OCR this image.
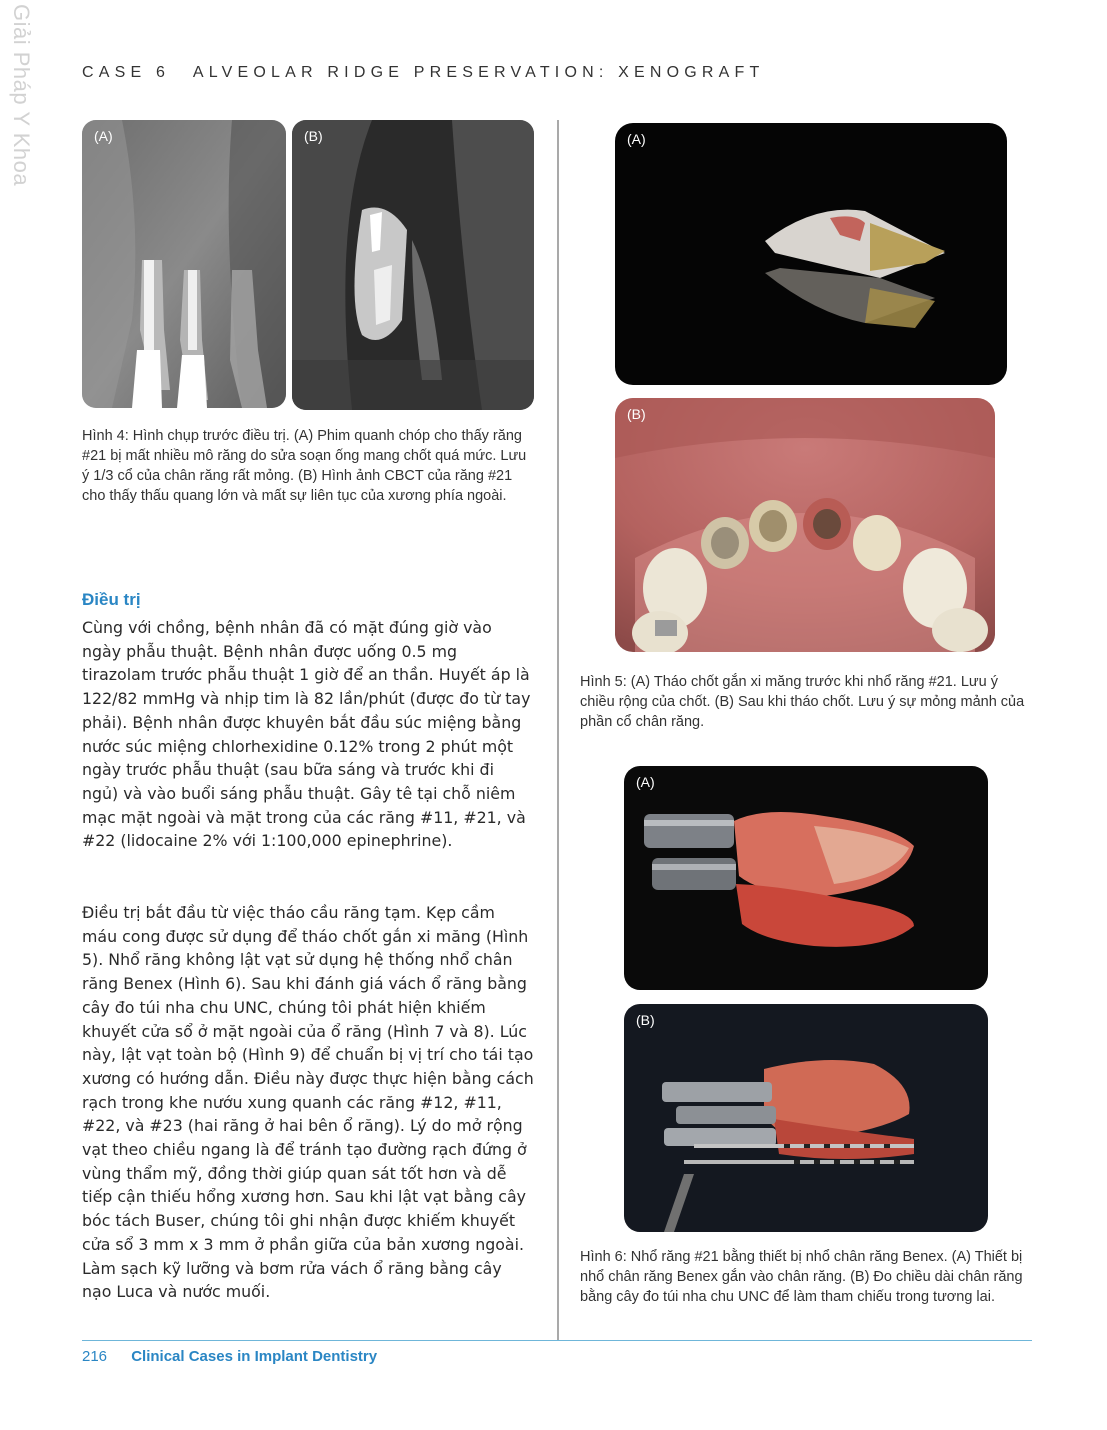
Giải Pháp Y Khoa	CASE 6 ALVEOLAR RIDGE PRESERVATION: XENOGRAFT
(A)	(B)
Hình 4: Hình chụp trước điều trị. (A) Phim quanh chóp cho thấy răng #21 bị mất nhiều mô răng do sửa soạn ống mang chốt quá mức. Lưu ý 1/3 cổ của chân răng rất mỏng. (B) Hình ảnh CBCT của răng #21 cho thấy thấu quang lớn và mất sự liên tục của xương phía ngoài.
Điều trị
Cùng với chồng, bệnh nhân đã có mặt đúng giờ vào ngày phẫu thuật. Bệnh nhân được uống 0.5 mg tirazolam trước phẫu thuật 1 giờ để an thần. Huyết áp là 122/82 mmHg và nhịp tim là 82 lần/phút (được đo từ tay phải). Bệnh nhân được khuyên bắt đầu súc miệng bằng nước súc miệng chlorhexidine 0.12% trong 2 phút một ngày trước phẫu thuật (sau bữa sáng và trước khi đi ngủ) và vào buổi sáng phẫu thuật. Gây tê tại chỗ niêm mạc mặt ngoài và mặt trong của các răng #11, #21, và #22 (lidocaine 2% với 1:100,000 epinephrine).
Điều trị bắt đầu từ việc tháo cầu răng tạm. Kẹp cầm máu cong được sử dụng để tháo chốt gắn xi măng (Hình 5). Nhổ răng không lật vạt sử dụng hệ thống nhổ chân răng Benex (Hình 6). Sau khi đánh giá vách ổ răng bằng cây đo túi nha chu UNC, chúng tôi phát hiện khiếm khuyết cửa sổ ở mặt ngoài của ổ răng (Hình 7 và 8). Lúc này, lật vạt toàn bộ (Hình 9) để chuẩn bị vị trí cho tái tạo xương có hướng dẫn. Điều này được thực hiện bằng cách rạch trong khe nướu xung quanh các răng #12, #11, #22, và #23 (hai răng ở hai bên ổ răng). Lý do mở rộng vạt theo chiều ngang là để tránh tạo đường rạch đứng ở vùng thẩm mỹ, đồng thời giúp quan sát tốt hơn và dễ tiếp cận thiếu hổng xương hơn. Sau khi lật vạt bằng cây bóc tách Buser, chúng tôi ghi nhận được khiếm khuyết cửa sổ 3 mm x 3 mm ở phần giữa của bản xương ngoài. Làm sạch kỹ lưỡng và bơm rửa vách ổ răng bằng cây nạo Luca và nước muối.
(A)
(B)
Hình 5: (A) Tháo chốt gắn xi măng trước khi nhổ răng #21. Lưu ý chiều rộng của chốt. (B) Sau khi tháo chốt. Lưu ý sự mỏng mảnh của phần cổ chân răng.
(A)
(B)
Hình 6: Nhổ răng #21 bằng thiết bị nhổ chân răng Benex. (A) Thiết bị nhổ chân răng Benex gắn vào chân răng. (B) Đo chiều dài chân răng bằng cây đo túi nha chu UNC để làm tham chiếu trong tương lai.
216 Clinical Cases in Implant Dentistry
